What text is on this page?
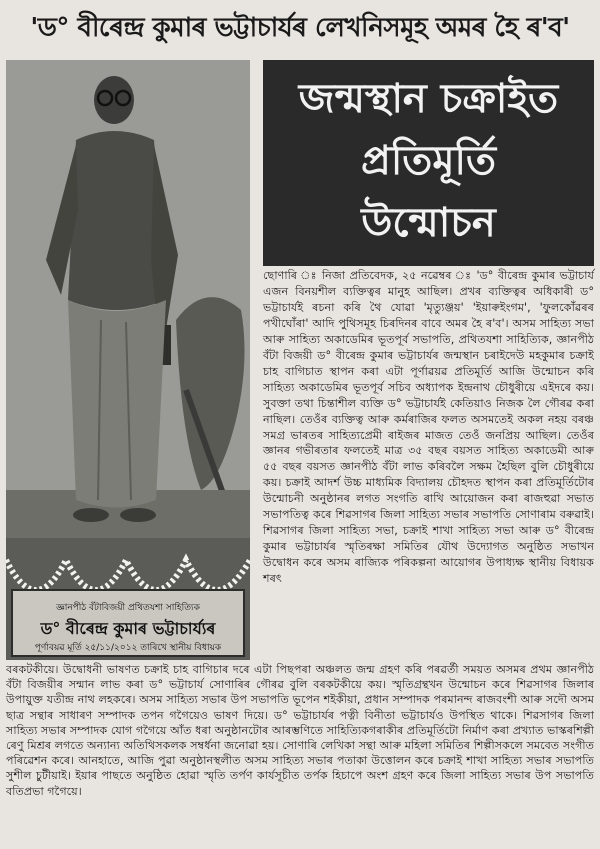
'ড° বীৰেন্দ্ৰ কুমাৰ ভট্টাচাৰ্যৰ লেখনিসমূহ অমৰ হৈ ৰ'ব'
জ্ঞানপীঠ বঁটাবিজয়ী প্ৰথিতযশা সাহিত্যিক
ড° বীৰেন্দ্ৰ কুমাৰ ভট্টাচাৰ্য্যৰ
পূৰ্ণাবয়ৱ মূৰ্তি ২৫/১১/২০১২ তাৰিখে স্থানীয় বিধায়ক
জন্মস্থান চক্ৰাইত
প্ৰতিমূৰ্তি
উন্মোচন

ছোণাৰি ঃ নিজা প্ৰতিবেদক, ২৫ নৱেম্বৰ ঃ 'ড° বীৰেন্দ্ৰ কুমাৰ ভট্টাচাৰ্য এজন বিনয়শীল ব্যক্তিত্বৰ মানুহ আছিল। প্ৰখৰ ব্যক্তিত্বৰ অধিকাৰী ড° ভট্টাচাৰ্যই ৰচনা কৰি থৈ যোৱা 'মৃত্যুঞ্জয়' 'ইয়াৰুইংগম', 'ফুলকোঁৱৰৰ পখীঘোঁৰা' আদি পুথিসমূহ চিৰদিনৰ বাবে অমৰ হৈ ৰ'ব'। অসম সাহিত্য সভা আৰু সাহিত্য অকাডেমিৰ ভূতপূৰ্ব সভাপতি, প্ৰথিতযশা সাহিত্যিক, জ্ঞানপীঠ বঁটা বিজয়ী ড° বীৰেন্দ্ৰ কুমাৰ ভট্টাচাৰ্যৰ জন্মস্থান চৰাইদেউ মহকুমাৰ চক্ৰাই চাহ বাগিচাত স্থাপন কৰা এটা পূৰ্ণাৱয়ৱ প্ৰতিমূৰ্তি আজি উন্মোচন কৰি সাহিত্য অকাডেমিৰ ভূতপূৰ্ব সচিব অধ্যাপক ইন্দ্ৰনাথ চৌধুৰীয়ে এইদৰে কয়। সুবক্তা তথা চিন্তাশীল ব্যক্তি ড° ভট্টাচাৰ্যই কেতিয়াও নিজক লৈ গৌৰৱ কৰা নাছিল। তেওঁৰ ব্যক্তিত্ব আৰু কৰ্মৰাজিৰ ফলত অসমতেই অকল নহয় বৰঞ্চ সমগ্ৰ ভাৰতৰ সাহিত্যপ্ৰেমী ৰাইজৰ মাজত তেওঁ জনপ্ৰিয় আছিল। তেওঁৰ জ্ঞানৰ গভীৰতাৰ ফলতেই মাত্ৰ ৩৫ বছৰ বয়সত সাহিত্য অকাডেমী আৰু ৫৫ বছৰ বয়সত জ্ঞানপীঠ বঁটা লাভ কৰিবলৈ সক্ষম হৈছিল বুলি চৌধুৰীয়ে কয়। চক্ৰাই আদৰ্শ উচ্চ মাধ্যমিক বিদ্যালয় চৌহদত স্থাপন কৰা প্ৰতিমূৰ্তিটোৰ উন্মোচনী অনুষ্ঠানৰ লগত সংগতি ৰাখি আয়োজন কৰা ৰাজহুৱা সভাত সভাপতিত্ব কৰে শিৱসাগৰ জিলা সাহিত্য সভাৰ সভাপতি সোণাৰাম বৰুৱাই। শিৱসাগৰ জিলা সাহিত্য সভা, চক্ৰাই শাখা সাহিত্য সভা আৰু ড° বীৰেন্দ্ৰ কুমাৰ ভট্টাচাৰ্যৰ স্মৃতিৰক্ষা সমিতিৰ যৌথ উদ্যোগত অনুষ্ঠিত সভাখন উদ্বোধন কৰে অসম ৰাজ্যিক পৰিকল্পনা আয়োগৰ উপাধ্যক্ষ স্থানীয় বিধায়ক শৰৎ

বৰকটকীয়ে। উদ্বোধনী ভাষণত চক্ৰাই চাহ বাগিচাৰ দৰে এটা পিছপৰা অঞ্চলত জন্ম গ্ৰহণ কৰি পৰৱৰ্তী সময়ত অসমৰ প্ৰথম জ্ঞানপীঠ বঁটা বিজয়ীৰ সন্মান লাভ কৰা ড° ভট্টাচাৰ্য সোণাৰিৰ গৌৰৱ বুলি বৰকটকীয়ে কয়। স্মৃতিগ্ৰন্থখন উন্মোচন কৰে শিৱসাগৰ জিলাৰ উপায়ুক্ত যতীন্দ্ৰ নাথ লহকৰে। অসম সাহিত্য সভাৰ উপ সভাপতি ভূপেন শইকীয়া, প্ৰধান সম্পাদক পৰমানন্দ ৰাজবংশী আৰু সদৌ অসম ছাত্ৰ সন্থাৰ সাধাৰণ সম্পাদক তপন গগৈয়েও ভাষণ দিয়ে। ড° ভট্টাচাৰ্যৰ পত্নী বিনীতা ভট্টাচাৰ্যও উপস্থিত থাকে। শিৱসাগৰ জিলা সাহিত্য সভাৰ সম্পাদক যোগ গগৈয়ে আঁত ধৰা অনুষ্ঠানটোৰ আৰম্ভণিতে সাহিত্যিকগৰাকীৰ প্ৰতিমূৰ্তিটো নিৰ্মাণ কৰা প্ৰখ্যাত ভাস্কৰশিল্পী ৰেণু মিশ্ৰৰ লগতে অন্যান্য অতিথিসকলক সম্বৰ্ধনা জনোৱা হয়। সোণাৰি লেখিকা সন্থা আৰু মহিলা সমিতিৰ শিল্পীসকলে সমবেত সংগীত পৰিৱেশন কৰে। আনহাতে, আজি পুৱা অনুষ্ঠানস্থলীত অসম সাহিত্য সভাৰ পতাকা উত্তোলন কৰে চক্ৰাই শাখা সাহিত্য সভাৰ সভাপতি সুশীল চুটীয়াই। ইয়াৰ পাছতে অনুষ্ঠিত হোৱা স্মৃতি তৰ্পণ কাৰ্যসূচীত তৰ্পক হিচাপে অংশ গ্ৰহণ কৰে জিলা সাহিত্য সভাৰ উপ সভাপতি বতিপ্ৰভা গগৈয়ে।
